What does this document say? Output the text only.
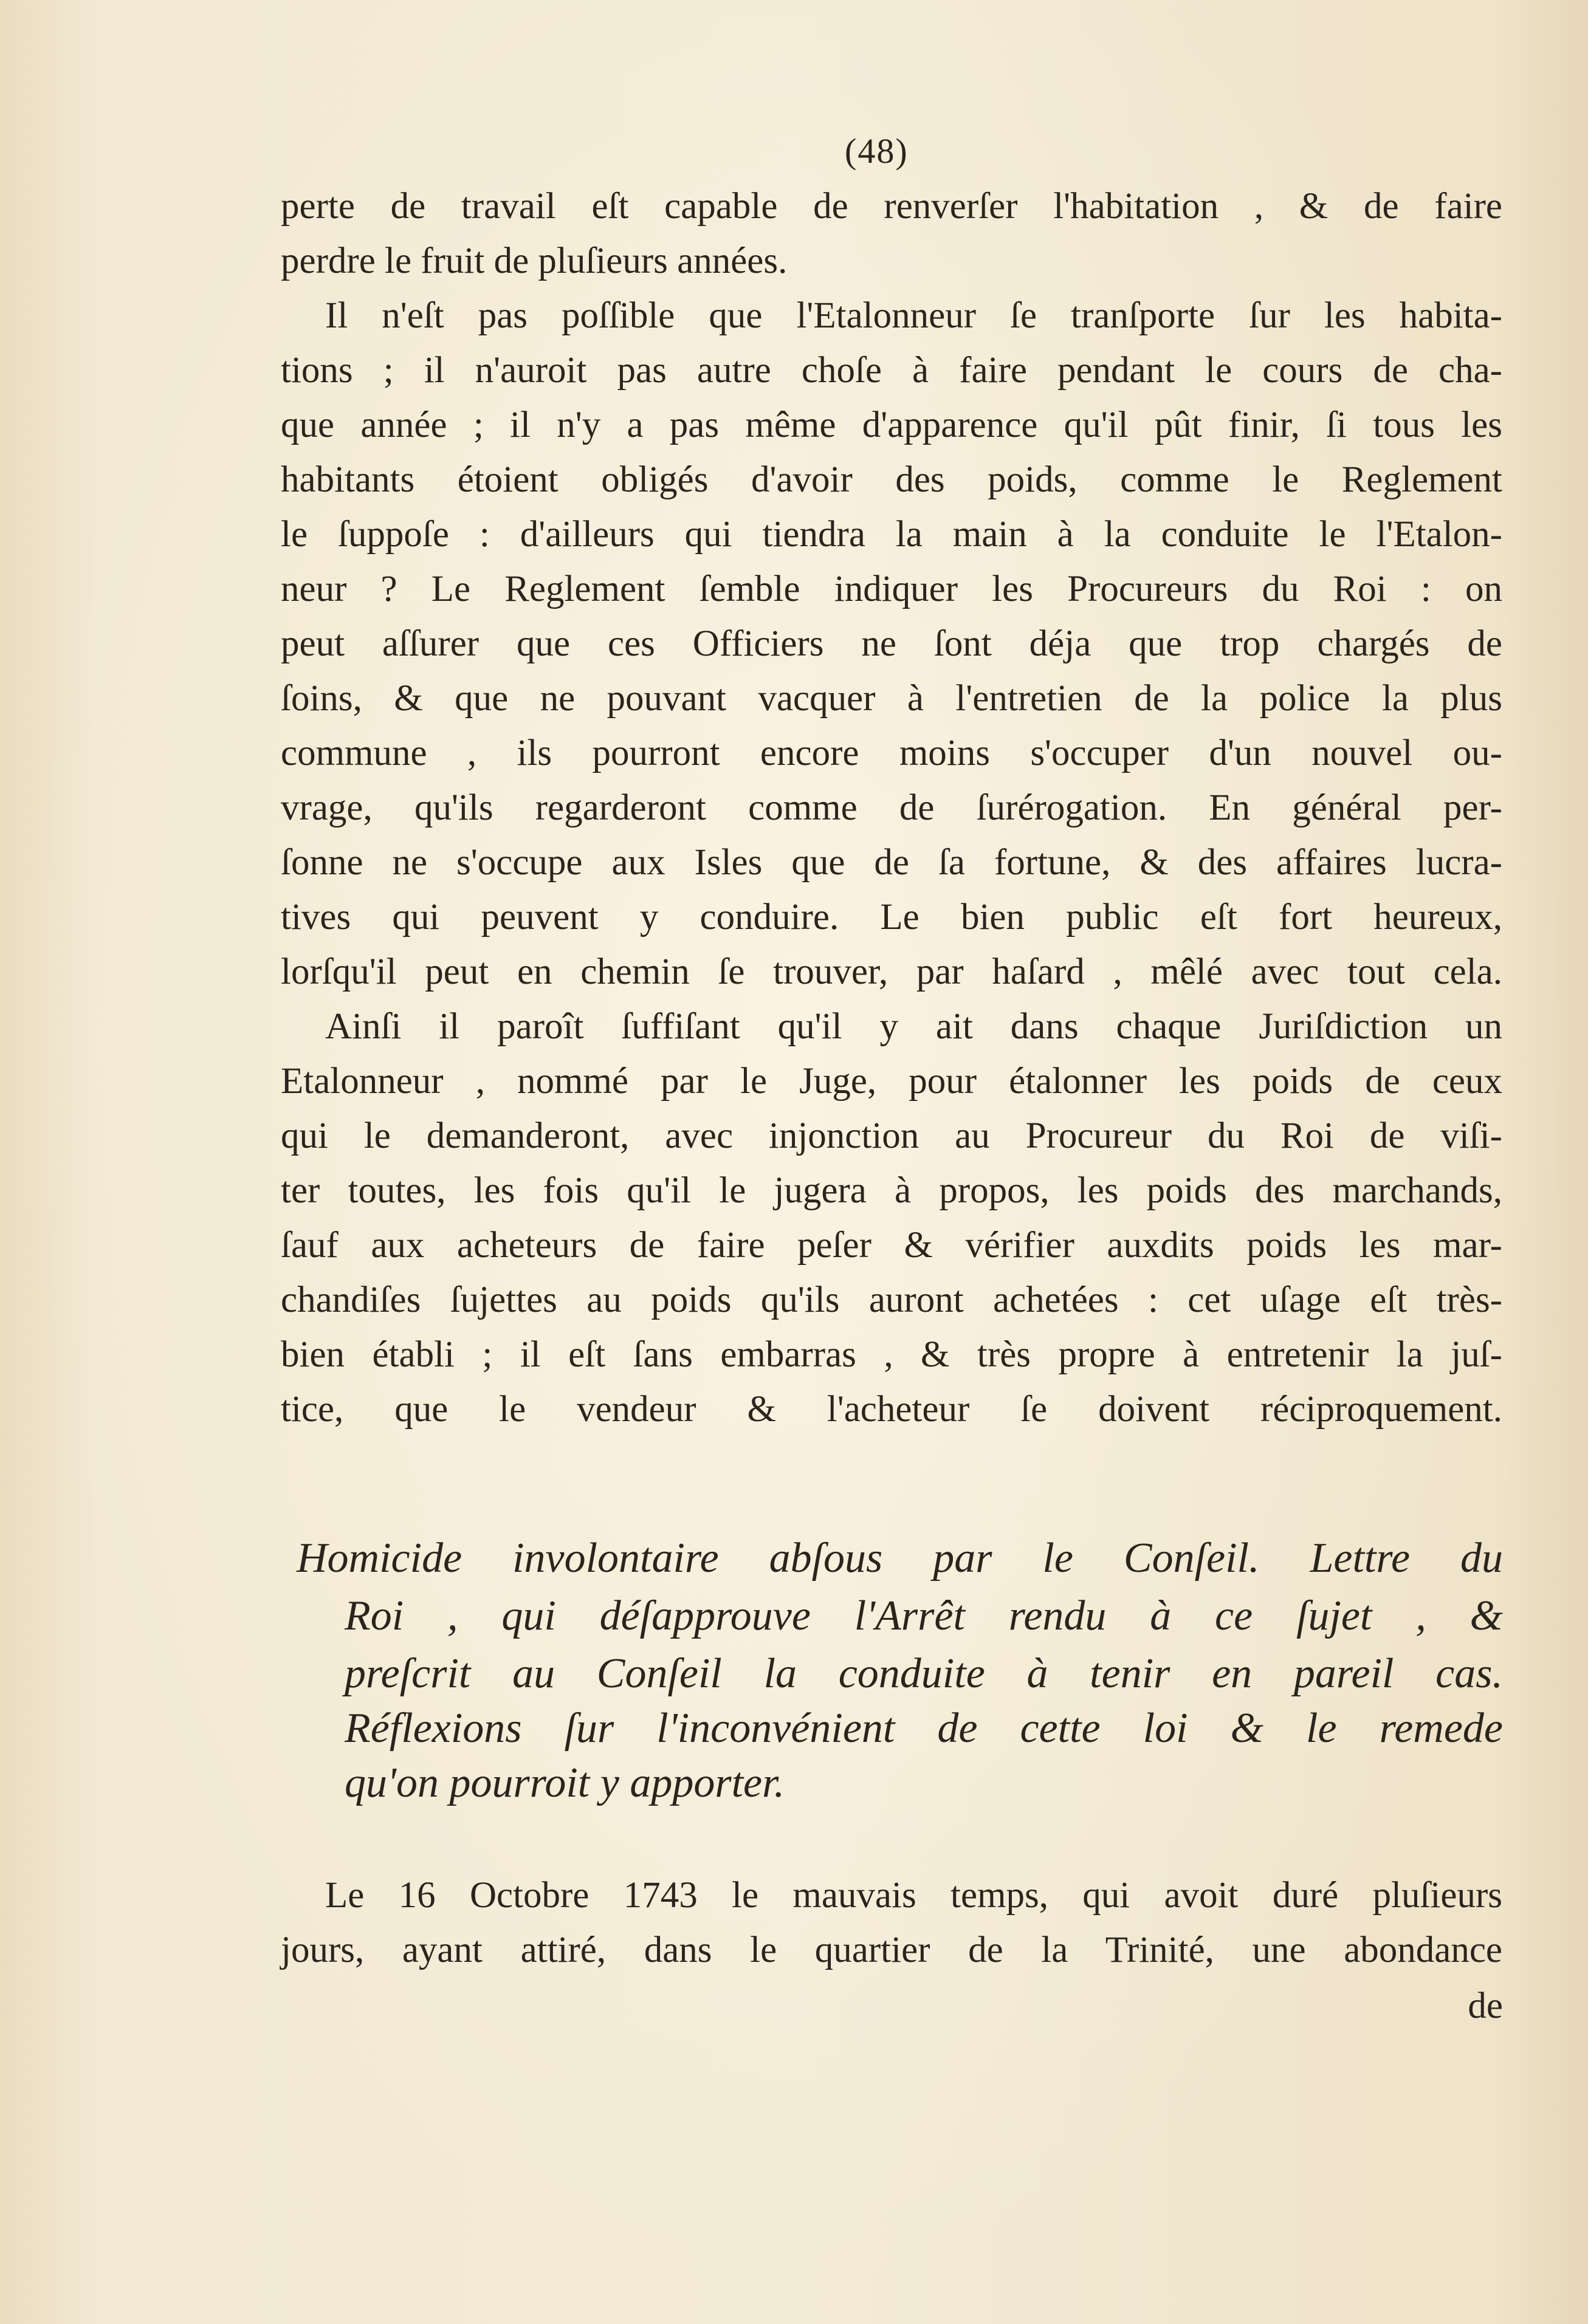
(48)
perte de travail eſt capable de renverſer l'habitation , & de faire
perdre le fruit de pluſieurs années.
Il n'eſt pas poſſible que l'Etalonneur ſe tranſporte ſur les habita-
tions ; il n'auroit pas autre choſe à faire pendant le cours de cha-
que année ; il n'y a pas même d'apparence qu'il pût finir, ſi tous les
habitants étoient obligés d'avoir des poids, comme le Reglement
le ſuppoſe : d'ailleurs qui tiendra la main à la conduite le l'Etalon-
neur ? Le Reglement ſemble indiquer les Procureurs du Roi : on
peut aſſurer que ces Officiers ne ſont déja que trop chargés de
ſoins, & que ne pouvant vacquer à l'entretien de la police la plus
commune , ils pourront encore moins s'occuper d'un nouvel ou-
vrage, qu'ils regarderont comme de ſurérogation. En général per-
ſonne ne s'occupe aux Isles que de ſa fortune, & des affaires lucra-
tives qui peuvent y conduire. Le bien public eſt fort heureux,
lorſqu'il peut en chemin ſe trouver, par haſard , mêlé avec tout cela.
Ainſi il paroît ſuffiſant qu'il y ait dans chaque Juriſdiction un
Etalonneur , nommé par le Juge, pour étalonner les poids de ceux
qui le demanderont, avec injonction au Procureur du Roi de viſi-
ter toutes, les fois qu'il le jugera à propos, les poids des marchands,
ſauf aux acheteurs de faire peſer & vérifier auxdits poids les mar-
chandiſes ſujettes au poids qu'ils auront achetées : cet uſage eſt très-
bien établi ; il eſt ſans embarras , & très propre à entretenir la juſ-
tice, que le vendeur & l'acheteur ſe doivent réciproquement.
Homicide involontaire abſous par le Conſeil. Lettre du
Roi , qui déſapprouve l'Arrêt rendu à ce ſujet , &
preſcrit au Conſeil la conduite à tenir en pareil cas.
Réflexions ſur l'inconvénient de cette loi & le remede
qu'on pourroit y apporter.
Le 16 Octobre 1743 le mauvais temps, qui avoit duré pluſieurs
jours, ayant attiré, dans le quartier de la Trinité, une abondance
de
